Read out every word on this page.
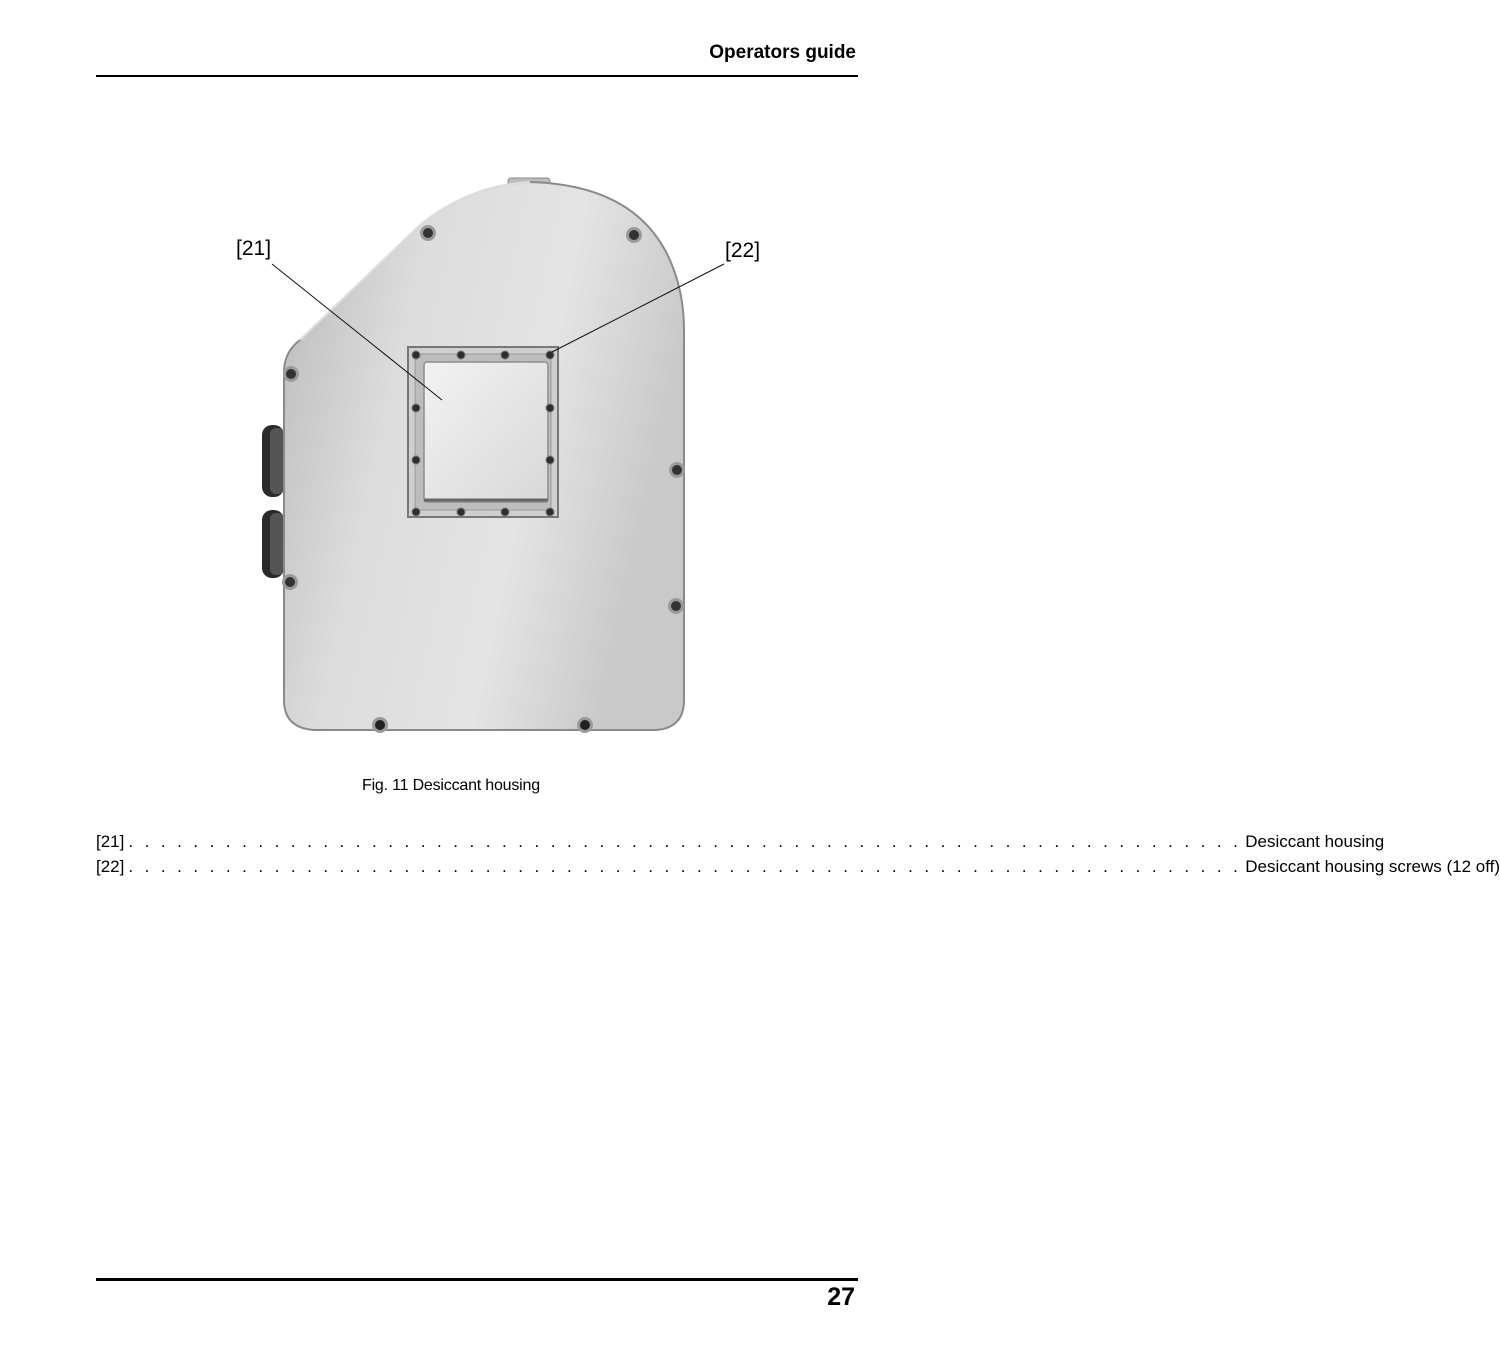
Operators guide
[21]	[22]
Fig. 11 Desiccant housing
[21] . . . . . . . . . . . . . . . . . . . . . . . . . . . . . . . . . . . . . . . . . . . . . . . . . . . . . . . . . . . . . . . . . . . . . Desiccant housing
[22] . . . . . . . . . . . . . . . . . . . . . . . . . . . . . . . . . . . . . . . . . . . . . . . . . . . . . . . . . . . . . . . . . . . . . Desiccant housing screws (12 off)
27
